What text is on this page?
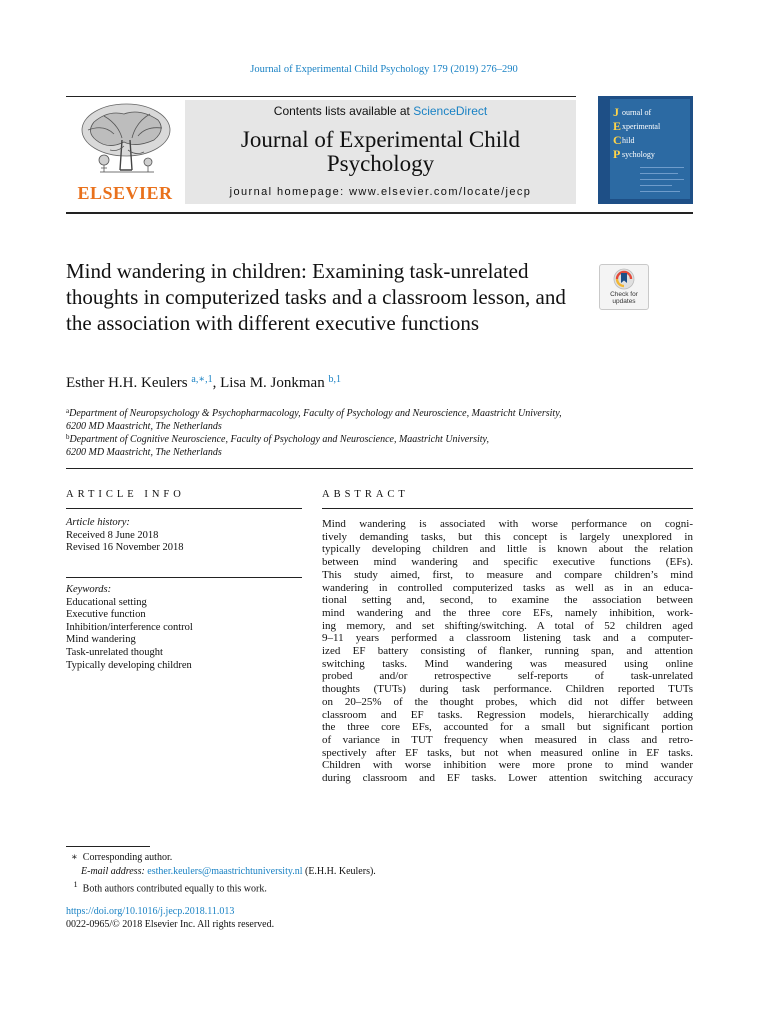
Journal of Experimental Child Psychology 179 (2019) 276–290
ELSEVIER
Contents lists available at ScienceDirect
Journal of Experimental Child Psychology
journal homepage: www.elsevier.com/locate/jecp
J ournal of
E xperimental
C hild
P sychology
Mind wandering in children: Examining task-unrelated thoughts in computerized tasks and a classroom lesson, and the association with different executive functions
Check for updates
Esther H.H. Keulers $^{a,∗,1}$, Lisa M. Jonkman $^{b,1}$
$^a$Department of Neuropsychology & Psychopharmacology, Faculty of Psychology and Neuroscience, Maastricht University,
6200 MD Maastricht, The Netherlands
$^b$Department of Cognitive Neuroscience, Faculty of Psychology and Neuroscience, Maastricht University,
6200 MD Maastricht, The Netherlands
ARTICLE INFO
Article history:
Received 8 June 2018
Revised 16 November 2018
Keywords:
Educational setting
Executive function
Inhibition/interference control
Mind wandering
Task-unrelated thought
Typically developing children
ABSTRACT
Mind wandering is associated with worse performance on cogni-
tively demanding tasks, but this concept is largely unexplored in
typically developing children and little is known about the relation
between mind wandering and specific executive functions (EFs).
This study aimed, first, to measure and compare children’s mind
wandering in controlled computerized tasks as well as in an educa-
tional setting and, second, to examine the association between
mind wandering and the three core EFs, namely inhibition, work-
ing memory, and set shifting/switching. A total of 52 children aged
9–11 years performed a classroom listening task and a computer-
ized EF battery consisting of flanker, running span, and attention
switching tasks. Mind wandering was measured using online
probed and/or retrospective self-reports of task-unrelated
thoughts (TUTs) during task performance. Children reported TUTs
on 20–25% of the thought probes, which did not differ between
classroom and EF tasks. Regression models, hierarchically adding
the three core EFs, accounted for a small but significant portion
of variance in TUT frequency when measured in class and retro-
spectively after EF tasks, but not when measured online in EF tasks.
Children with worse inhibition were more prone to mind wander
during classroom and EF tasks. Lower attention switching accuracy
∗ Corresponding author.
E-mail address: esther.keulers@maastrichtuniversity.nl (E.H.H. Keulers).
$^1$ Both authors contributed equally to this work.
https://doi.org/10.1016/j.jecp.2018.11.013
0022-0965/© 2018 Elsevier Inc. All rights reserved.
